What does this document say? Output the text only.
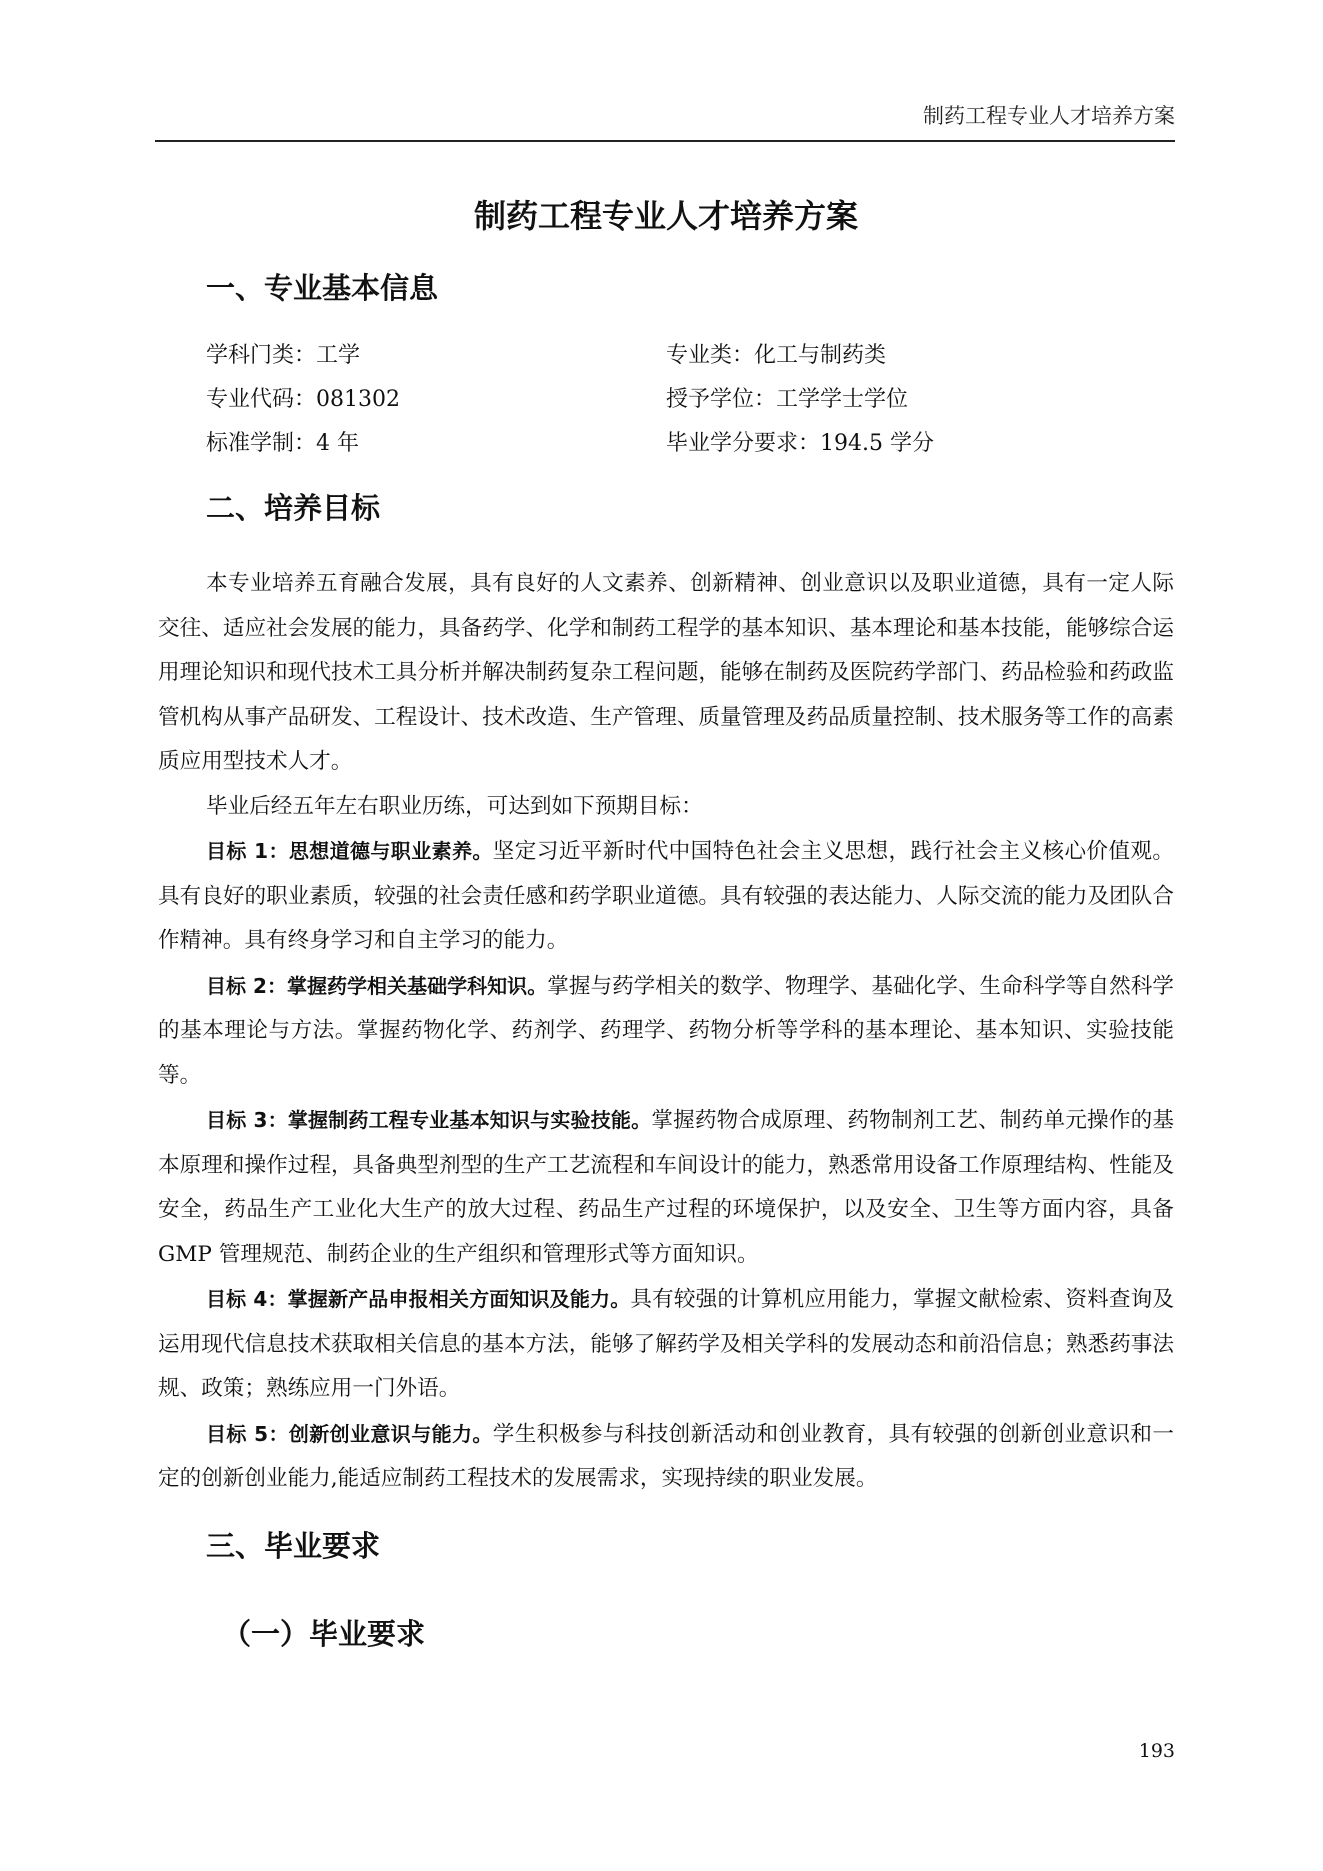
制药工程专业人才培养方案
制药工程专业人才培养方案
一、专业基本信息
学科门类：工学	专业类：化工与制药类
专业代码：081302	授予学位：工学学士学位
标准学制：4 年	毕业学分要求：194.5 学分
二、培养目标

本专业培养五育融合发展，具有良好的人文素养、创新精神、创业意识以及职业道德，具有一定人际交往、适应社会发展的能力，具备药学、化学和制药工程学的基本知识、基本理论和基本技能，能够综合运用理论知识和现代技术工具分析并解决制药复杂工程问题，能够在制药及医院药学部门、药品检验和药政监管机构从事产品研发、工程设计、技术改造、生产管理、质量管理及药品质量控制、技术服务等工作的高素质应用型技术人才。

毕业后经五年左右职业历练，可达到如下预期目标：

目标 1：思想道德与职业素养。坚定习近平新时代中国特色社会主义思想，践行社会主义核心价值观。具有良好的职业素质，较强的社会责任感和药学职业道德。具有较强的表达能力、人际交流的能力及团队合作精神。具有终身学习和自主学习的能力。

目标 2：掌握药学相关基础学科知识。掌握与药学相关的数学、物理学、基础化学、生命科学等自然科学的基本理论与方法。掌握药物化学、药剂学、药理学、药物分析等学科的基本理论、基本知识、实验技能等。

目标 3：掌握制药工程专业基本知识与实验技能。掌握药物合成原理、药物制剂工艺、制药单元操作的基本原理和操作过程，具备典型剂型的生产工艺流程和车间设计的能力，熟悉常用设备工作原理结构、性能及安全，药品生产工业化大生产的放大过程、药品生产过程的环境保护，以及安全、卫生等方面内容，具备 GMP 管理规范、制药企业的生产组织和管理形式等方面知识。

目标 4：掌握新产品申报相关方面知识及能力。具有较强的计算机应用能力，掌握文献检索、资料查询及运用现代信息技术获取相关信息的基本方法，能够了解药学及相关学科的发展动态和前沿信息；熟悉药事法规、政策；熟练应用一门外语。

目标 5：创新创业意识与能力。学生积极参与科技创新活动和创业教育，具有较强的创新创业意识和一定的创新创业能力,能适应制药工程技术的发展需求，实现持续的职业发展。

三、毕业要求
（一）毕业要求
193
